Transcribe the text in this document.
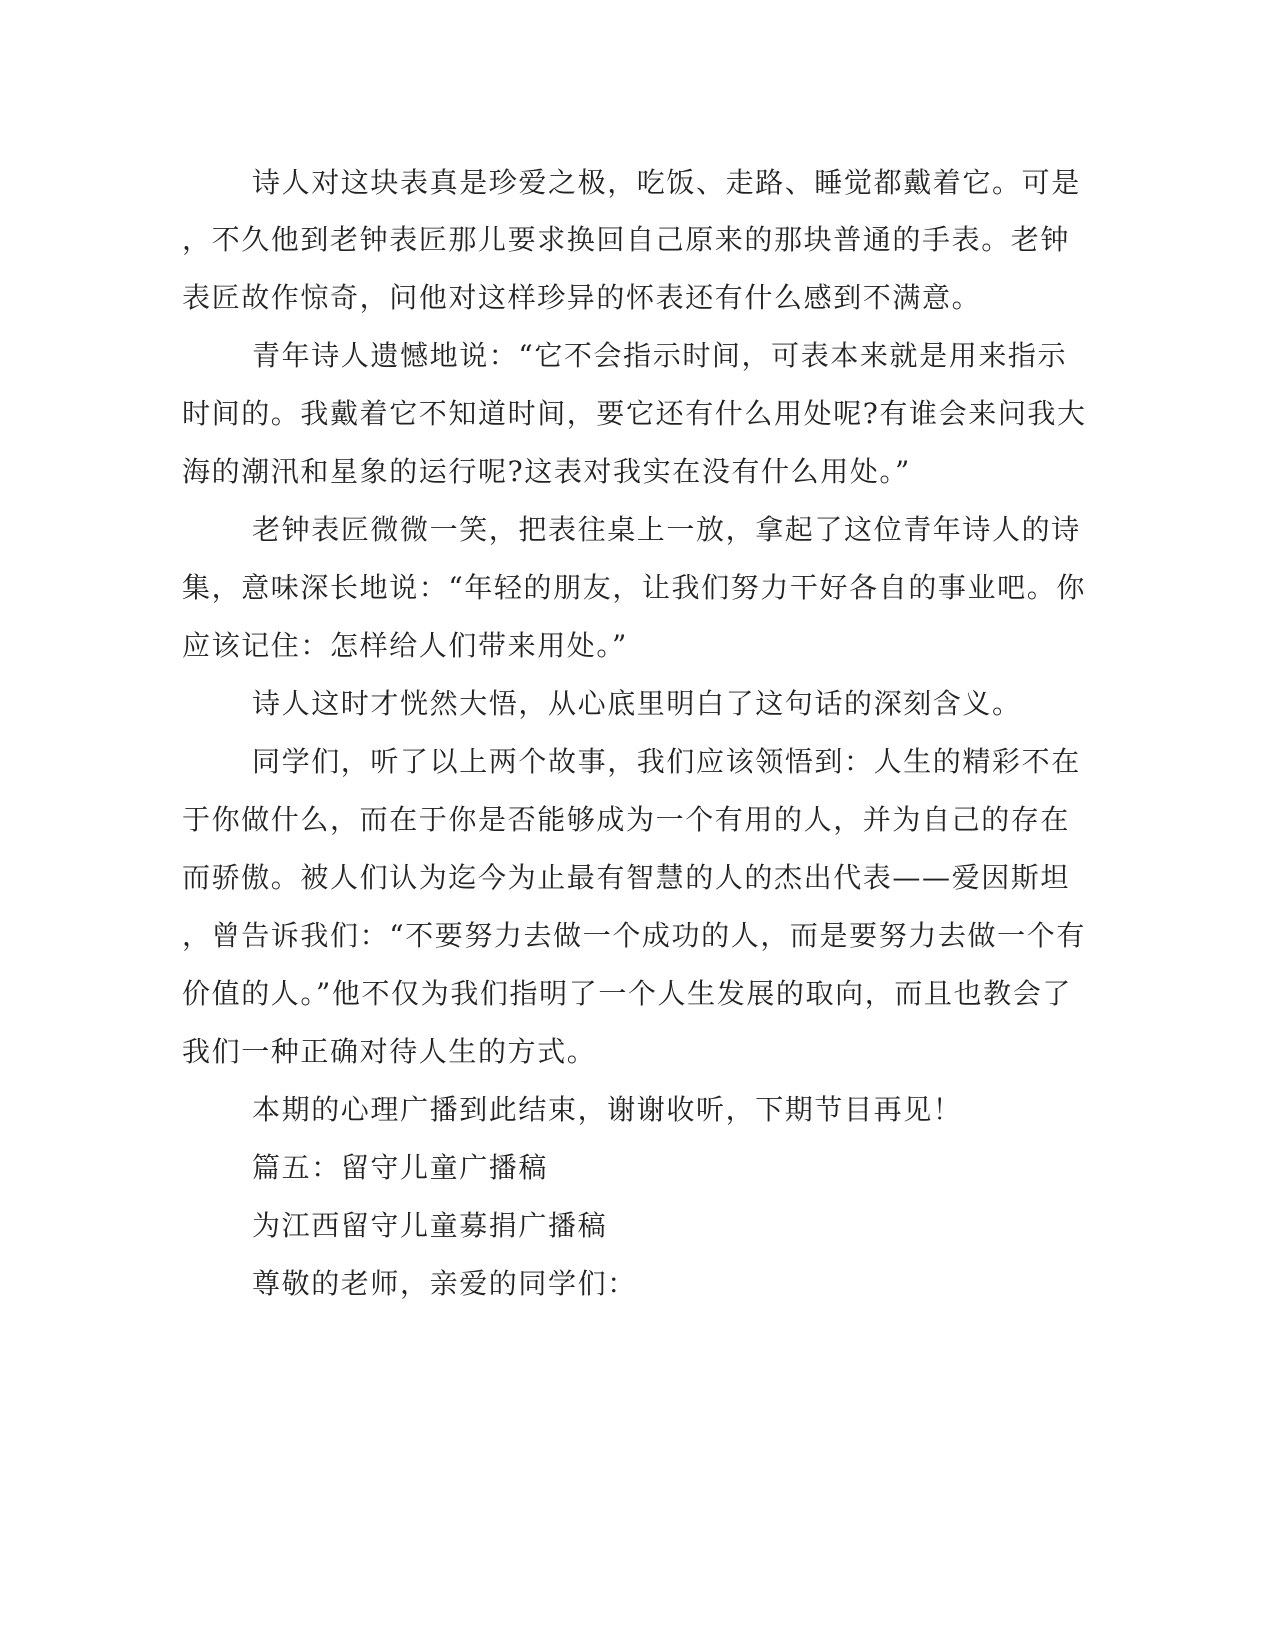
诗人对这块表真是珍爱之极，吃饭、走路、睡觉都戴着它。可是
，不久他到老钟表匠那儿要求换回自己原来的那块普通的手表。老钟
表匠故作惊奇，问他对这样珍异的怀表还有什么感到不满意。
青年诗人遗憾地说：“它不会指示时间，可表本来就是用来指示
时间的。我戴着它不知道时间，要它还有什么用处呢?有谁会来问我大
海的潮汛和星象的运行呢?这表对我实在没有什么用处。”
老钟表匠微微一笑，把表往桌上一放，拿起了这位青年诗人的诗
集，意味深长地说：“年轻的朋友，让我们努力干好各自的事业吧。你
应该记住：怎样给人们带来用处。”
诗人这时才恍然大悟，从心底里明白了这句话的深刻含义。
同学们，听了以上两个故事，我们应该领悟到：人生的精彩不在
于你做什么，而在于你是否能够成为一个有用的人，并为自己的存在
而骄傲。被人们认为迄今为止最有智慧的人的杰出代表——爱因斯坦
，曾告诉我们：“不要努力去做一个成功的人，而是要努力去做一个有
价值的人。”他不仅为我们指明了一个人生发展的取向，而且也教会了
我们一种正确对待人生的方式。
本期的心理广播到此结束，谢谢收听，下期节目再见！
篇五：留守儿童广播稿
为江西留守儿童募捐广播稿
尊敬的老师，亲爱的同学们：
